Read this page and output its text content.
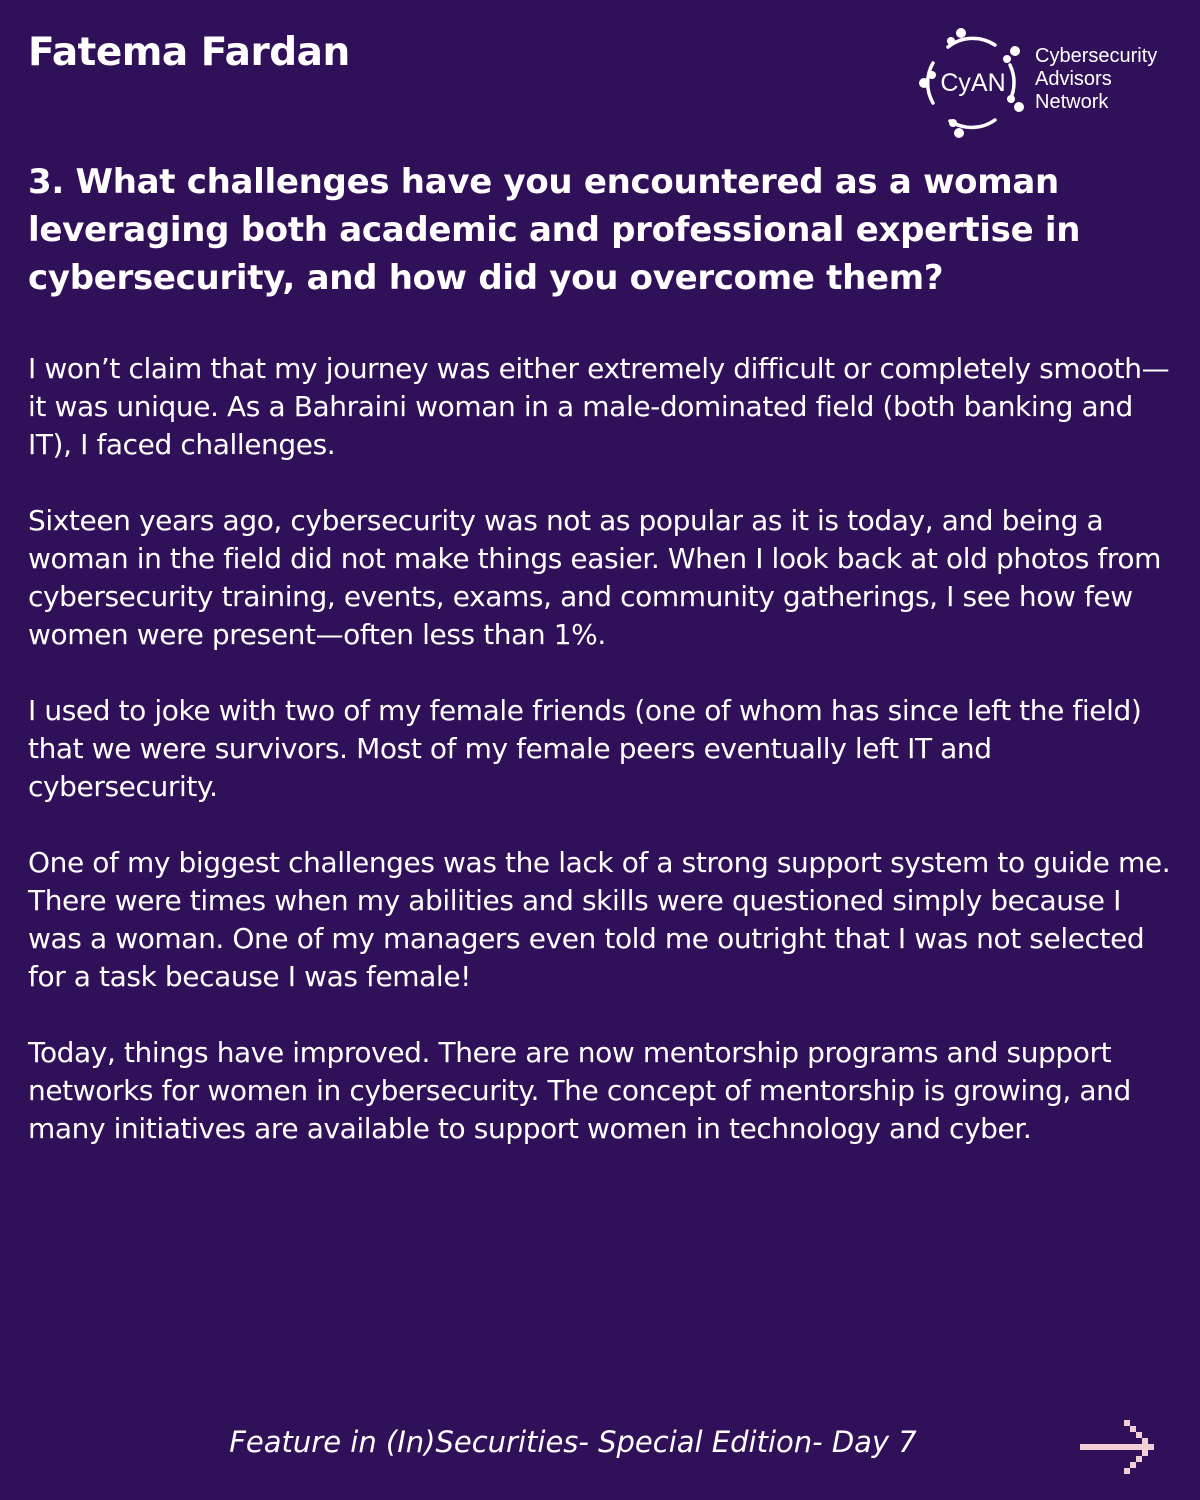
Fatema Fardan
CyAN
Cybersecurity
Advisors
Network
3. What challenges have you encountered as a woman leveraging both academic and professional expertise in cybersecurity, and how did you overcome them?

I won’t claim that my journey was either extremely difficult or completely smooth—it was unique. As a Bahraini woman in a male-dominated field (both banking and IT), I faced challenges.

Sixteen years ago, cybersecurity was not as popular as it is today, and being a woman in the field did not make things easier. When I look back at old photos from cybersecurity training, events, exams, and community gatherings, I see how few women were present—often less than 1%.

I used to joke with two of my female friends (one of whom has since left the field) that we were survivors. Most of my female peers eventually left IT and cybersecurity.

One of my biggest challenges was the lack of a strong support system to guide me. There were times when my abilities and skills were questioned simply because I was a woman. One of my managers even told me outright that I was not selected for a task because I was female!

Today, things have improved. There are now mentorship programs and support networks for women in cybersecurity. The concept of mentorship is growing, and many initiatives are available to support women in technology and cyber.

Feature in (In)Securities- Special Edition- Day 7
